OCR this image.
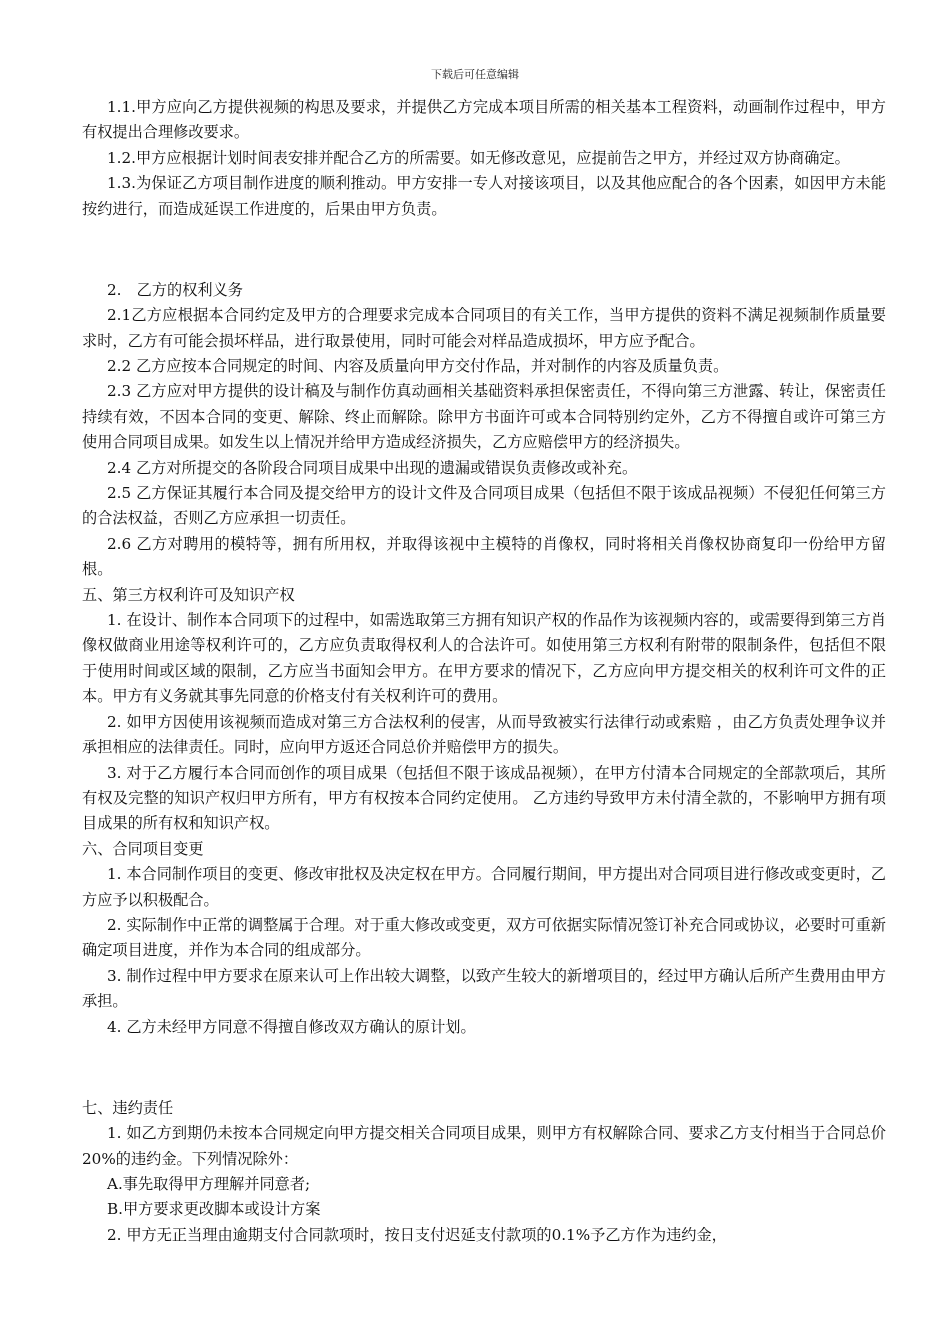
下载后可任意编辑

1.1.甲方应向乙方提供视频的构思及要求，并提供乙方完成本项目所需的相关基本工程资料，动画制作过程中，甲方有权提出合理修改要求。

1.2.甲方应根据计划时间表安排并配合乙方的所需要。如无修改意见，应提前告之甲方，并经过双方协商确定。

1.3.为保证乙方项目制作进度的顺利推动。甲方安排一专人对接该项目，以及其他应配合的各个因素，如因甲方未能按约进行，而造成延误工作进度的，后果由甲方负责。

2.　乙方的权利义务

2.1乙方应根据本合同约定及甲方的合理要求完成本合同项目的有关工作，当甲方提供的资料不满足视频制作质量要求时，乙方有可能会损坏样品，进行取景使用，同时可能会对样品造成损坏，甲方应予配合。

2.2 乙方应按本合同规定的时间、内容及质量向甲方交付作品，并对制作的内容及质量负责。

2.3 乙方应对甲方提供的设计稿及与制作仿真动画相关基础资料承担保密责任，不得向第三方泄露、转让，保密责任持续有效，不因本合同的变更、解除、终止而解除。除甲方书面许可或本合同特别约定外，乙方不得擅自或许可第三方使用合同项目成果。如发生以上情况并给甲方造成经济损失，乙方应赔偿甲方的经济损失。

2.4 乙方对所提交的各阶段合同项目成果中出现的遗漏或错误负责修改或补充。

2.5 乙方保证其履行本合同及提交给甲方的设计文件及合同项目成果（包括但不限于该成品视频）不侵犯任何第三方的合法权益，否则乙方应承担一切责任。

2.6 乙方对聘用的模特等，拥有所用权，并取得该视中主模特的肖像权，同时将相关肖像权协商复印一份给甲方留根。

五、第三方权利许可及知识产权

1. 在设计、制作本合同项下的过程中，如需选取第三方拥有知识产权的作品作为该视频内容的，或需要得到第三方肖像权做商业用途等权利许可的，乙方应负责取得权利人的合法许可。如使用第三方权利有附带的限制条件，包括但不限于使用时间或区域的限制，乙方应当书面知会甲方。在甲方要求的情况下，乙方应向甲方提交相关的权利许可文件的正本。甲方有义务就其事先同意的价格支付有关权利许可的费用。

2. 如甲方因使用该视频而造成对第三方合法权利的侵害，从而导致被实行法律行动或索赔 ，由乙方负责处理争议并承担相应的法律责任。同时，应向甲方返还合同总价并赔偿甲方的损失。

3. 对于乙方履行本合同而创作的项目成果（包括但不限于该成品视频），在甲方付清本合同规定的全部款项后，其所有权及完整的知识产权归甲方所有，甲方有权按本合同约定使用。 乙方违约导致甲方未付清全款的，不影响甲方拥有项目成果的所有权和知识产权。

六、合同项目变更

1. 本合同制作项目的变更、修改审批权及决定权在甲方。合同履行期间，甲方提出对合同项目进行修改或变更时，乙方应予以积极配合。

2. 实际制作中正常的调整属于合理。对于重大修改或变更，双方可依据实际情况签订补充合同或协议，必要时可重新确定项目进度，并作为本合同的组成部分。

3. 制作过程中甲方要求在原来认可上作出较大调整，以致产生较大的新增项目的，经过甲方确认后所产生费用由甲方承担。

4. 乙方未经甲方同意不得擅自修改双方确认的原计划。

七、违约责任

1. 如乙方到期仍未按本合同规定向甲方提交相关合同项目成果，则甲方有权解除合同、要求乙方支付相当于合同总价20%的违约金。下列情况除外：

A.事先取得甲方理解并同意者;

B.甲方要求更改脚本或设计方案

2. 甲方无正当理由逾期支付合同款项时，按日支付迟延支付款项的0.1%予乙方作为违约金，
